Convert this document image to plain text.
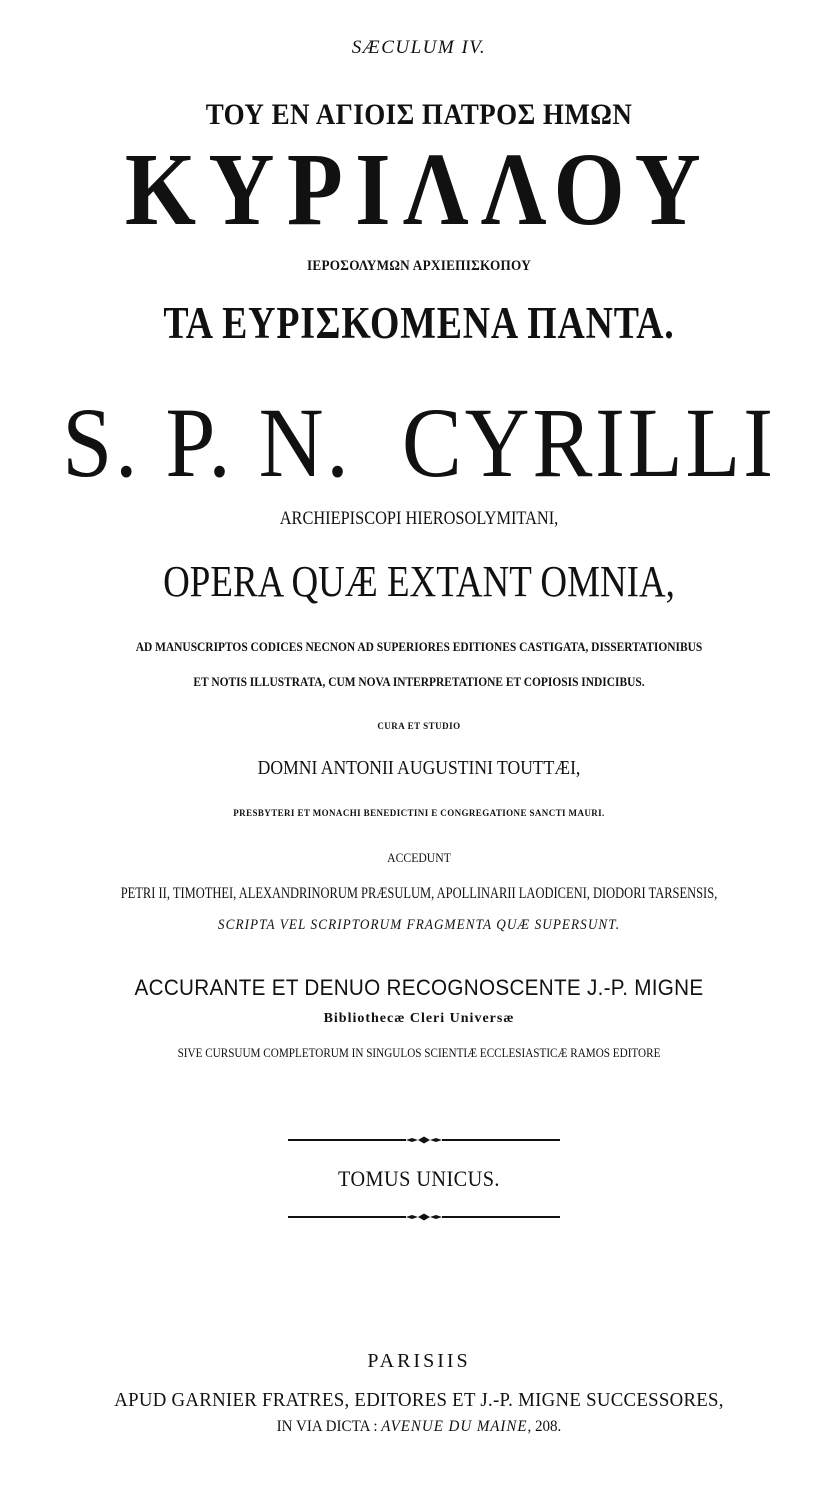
SÆCULUM IV.
ΤΟΥ ΕΝ ΑΓΙΟΙΣ ΠΑΤΡΟΣ ΗΜΩΝ
ΚΥΡΙΛΛΟΥ
ΙΕΡΟΣΟΛΥΜΩΝ ΑΡΧΙΕΠΙΣΚΟΠΟΥ
ΤΑ ΕΥΡΙΣΚΟΜΕΝΑ ΠΑΝΤΑ.
S. P. N.  CYRILLI
ARCHIEPISCOPI HIEROSOLYMITANI,
OPERA QUÆ EXTANT OMNIA,
AD MANUSCRIPTOS CODICES NECNON AD SUPERIORES EDITIONES CASTIGATA, DISSERTATIONIBUS
ET NOTIS ILLUSTRATA, CUM NOVA INTERPRETATIONE ET COPIOSIS INDICIBUS.
CURA ET STUDIO
DOMNI ANTONII AUGUSTINI TOUTTÆI,
PRESBYTERI ET MONACHI BENEDICTINI E CONGREGATIONE SANCTI MAURI.
ACCEDUNT
PETRI II, TIMOTHEI, ALEXANDRINORUM PRÆSULUM, APOLLINARII LAODICENI, DIODORI TARSENSIS,
SCRIPTA VEL SCRIPTORUM FRAGMENTA QUÆ SUPERSUNT.
ACCURANTE ET DENUO RECOGNOSCENTE J.-P. MIGNE
Bibliothecæ Cleri Universæ
SIVE CURSUUM COMPLETORUM IN SINGULOS SCIENTIÆ ECCLESIASTICÆ RAMOS EDITORE
TOMUS UNICUS.
PARISIIS
APUD GARNIER FRATRES, EDITORES ET J.-P. MIGNE SUCCESSORES,
IN VIA DICTA : AVENUE DU MAINE, 208.
